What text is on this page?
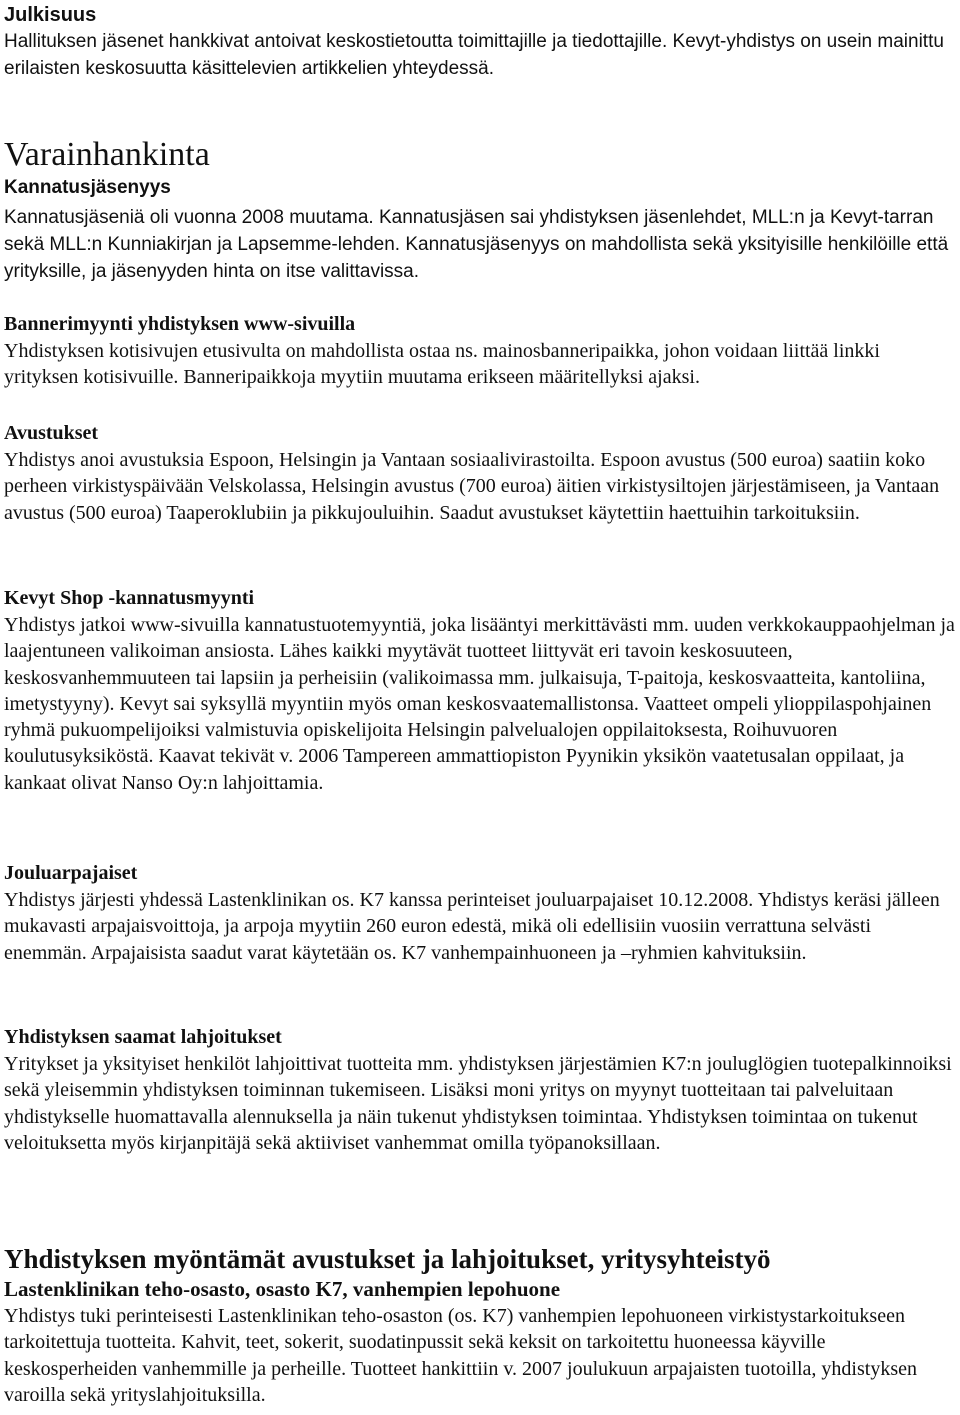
Julkisuus

Hallituksen jäsenet hankkivat antoivat keskostietoutta toimittajille ja tiedottajille. Kevyt-yhdistys on usein mainittu erilaisten keskosuutta käsittelevien artikkelien yhteydessä.

Varainhankinta
Kannatusjäsenyys

Kannatusjäseniä oli vuonna 2008 muutama. Kannatusjäsen sai yhdistyksen jäsenlehdet, MLL:n ja Kevyt-tarran sekä MLL:n Kunniakirjan ja Lapsemme-lehden. Kannatusjäsenyys on mahdollista sekä yksityisille henkilöille että yrityksille, ja jäsenyyden hinta on itse valittavissa.

Bannerimyynti yhdistyksen www-sivuilla

Yhdistyksen kotisivujen etusivulta on mahdollista ostaa ns. mainosbanneripaikka, johon voidaan liittää linkki yrityksen kotisivuille. Banneripaikkoja myytiin muutama erikseen määritellyksi ajaksi.

Avustukset

Yhdistys anoi avustuksia Espoon, Helsingin ja Vantaan sosiaalivirastoilta. Espoon avustus (500 euroa) saatiin koko perheen virkistyspäivään Velskolassa, Helsingin avustus (700 euroa) äitien virkistysiltojen järjestämiseen, ja Vantaan avustus (500 euroa) Taaperoklubiin ja pikkujouluihin. Saadut avustukset käytettiin haettuihin tarkoituksiin.

Kevyt Shop -kannatusmyynti

Yhdistys jatkoi www-sivuilla kannatustuotemyyntiä, joka lisääntyi merkittävästi mm. uuden verkkokauppaohjelman ja laajentuneen valikoiman ansiosta. Lähes kaikki myytävät tuotteet liittyvät eri tavoin keskosuuteen, keskosvanhemmuuteen tai lapsiin ja perheisiin (valikoimassa mm. julkaisuja, T-paitoja, keskosvaatteita, kantoliina, imetystyyny). Kevyt sai syksyllä myyntiin myös oman keskosvaatemallistonsa. Vaatteet ompeli ylioppilaspohjainen ryhmä pukuompelijoiksi valmistuvia opiskelijoita Helsingin palvelualojen oppilaitoksesta, Roihuvuoren koulutusyksiköstä. Kaavat tekivät v. 2006 Tampereen ammattiopiston Pyynikin yksikön vaatetusalan oppilaat, ja kankaat olivat Nanso Oy:n lahjoittamia.

Jouluarpajaiset

Yhdistys järjesti yhdessä Lastenklinikan os. K7 kanssa perinteiset jouluarpajaiset 10.12.2008. Yhdistys keräsi jälleen mukavasti arpajaisvoittoja, ja arpoja myytiin 260 euron edestä, mikä oli edellisiin vuosiin verrattuna selvästi enemmän. Arpajaisista saadut varat käytetään os. K7 vanhempainhuoneen ja –ryhmien kahvituksiin.

Yhdistyksen saamat lahjoitukset

Yritykset ja yksityiset henkilöt lahjoittivat tuotteita mm. yhdistyksen järjestämien K7:n jouluglögien tuotepalkinnoiksi sekä yleisemmin yhdistyksen toiminnan tukemiseen. Lisäksi moni yritys on myynyt tuotteitaan tai palveluitaan yhdistykselle huomattavalla alennuksella ja näin tukenut yhdistyksen toimintaa. Yhdistyksen toimintaa on tukenut veloituksetta myös kirjanpitäjä sekä aktiiviset vanhemmat omilla työpanoksillaan.

Yhdistyksen myöntämät avustukset ja lahjoitukset, yritysyhteistyö
Lastenklinikan teho-osasto, osasto K7, vanhempien lepohuone

Yhdistys tuki perinteisesti Lastenklinikan teho-osaston (os. K7) vanhempien lepohuoneen virkistystarkoitukseen tarkoitettuja tuotteita. Kahvit, teet, sokerit, suodatinpussit sekä keksit on tarkoitettu huoneessa käyville keskosperheiden vanhemmille ja perheille. Tuotteet hankittiin v. 2007 joulukuun arpajaisten tuotoilla, yhdistyksen varoilla sekä yrityslahjoituksilla.
